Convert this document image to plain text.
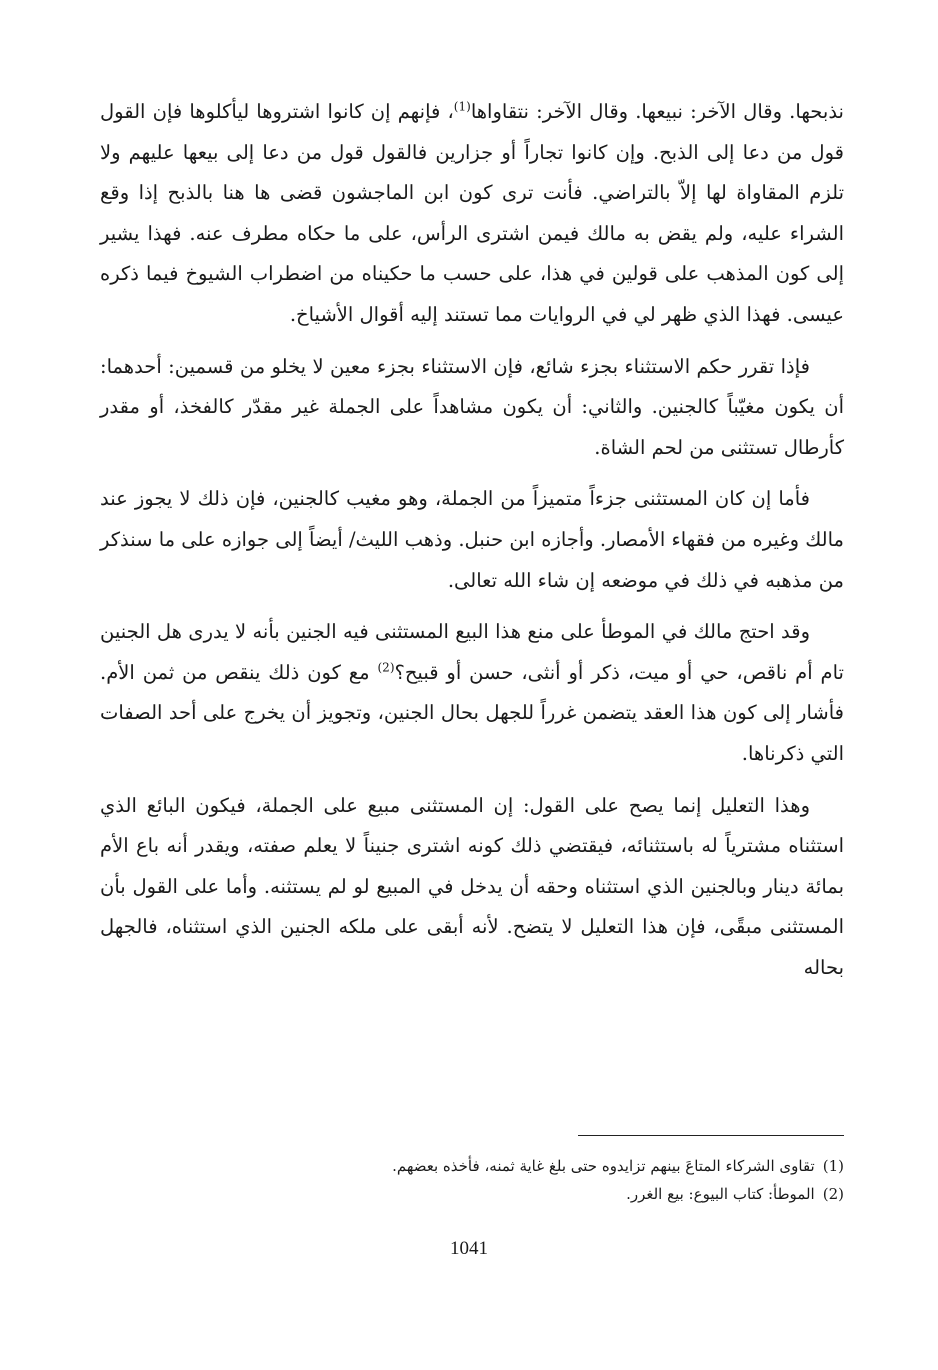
نذبحها. وقال الآخر: نبيعها. وقال الآخر: نتقاواها$^{(1)}$، فإنهم إن كانوا اشتروها ليأكلوها فإن القول قول من دعا إلى الذبح. وإن كانوا تجاراً أو جزارين فالقول قول من دعا إلى بيعها عليهم ولا تلزم المقاواة لها إلاّ بالتراضي. فأنت ترى كون ابن الماجشون قضى ها هنا بالذبح إذا وقع الشراء عليه، ولم يقض به مالك فيمن اشترى الرأس، على ما حكاه مطرف عنه. فهذا يشير إلى كون المذهب على قولين في هذا، على حسب ما حكيناه من اضطراب الشيوخ فيما ذكره عيسى. فهذا الذي ظهر لي في الروايات مما تستند إليه أقوال الأشياخ.

فإذا تقرر حكم الاستثناء بجزء شائع، فإن الاستثناء بجزء معين لا يخلو من قسمين: أحدهما: أن يكون مغيّباً كالجنين. والثاني: أن يكون مشاهداً على الجملة غير مقدّر كالفخذ، أو مقدر كأرطال تستثنى من لحم الشاة.

فأما إن كان المستثنى جزءاً متميزاً من الجملة، وهو مغيب كالجنين، فإن ذلك لا يجوز عند مالك وغيره من فقهاء الأمصار. وأجازه ابن حنبل. وذهب الليث/ أيضاً إلى جوازه على ما سنذكر من مذهبه في ذلك في موضعه إن شاء الله تعالى.

وقد احتج مالك في الموطأ على منع هذا البيع المستثنى فيه الجنين بأنه لا يدرى هل الجنين تام أم ناقص، حي أو ميت، ذكر أو أنثى، حسن أو قبيح؟$^{(2)}$ مع كون ذلك ينقص من ثمن الأم. فأشار إلى كون هذا العقد يتضمن غرراً للجهل بحال الجنين، وتجويز أن يخرج على أحد الصفات التي ذكرناها.

وهذا التعليل إنما يصح على القول: إن المستثنى مبيع على الجملة، فيكون البائع الذي استثناه مشترياً له باستثنائه، فيقتضي ذلك كونه اشترى جنيناً لا يعلم صفته، ويقدر أنه باع الأم بمائة دينار وبالجنين الذي استثناه وحقه أن يدخل في المبيع لو لم يستثنه. وأما على القول بأن المستثنى مبقًى، فإن هذا التعليل لا يتضح. لأنه أبقى على ملكه الجنين الذي استثناه، فالجهل بحاله

(1)تقاوى الشركاء المتاعَ بينهم تزايدوه حتى بلغ غاية ثمنه، فأخذه بعضهم.

(2)الموطأ: كتاب البيوع: بيع الغرر.

1041
